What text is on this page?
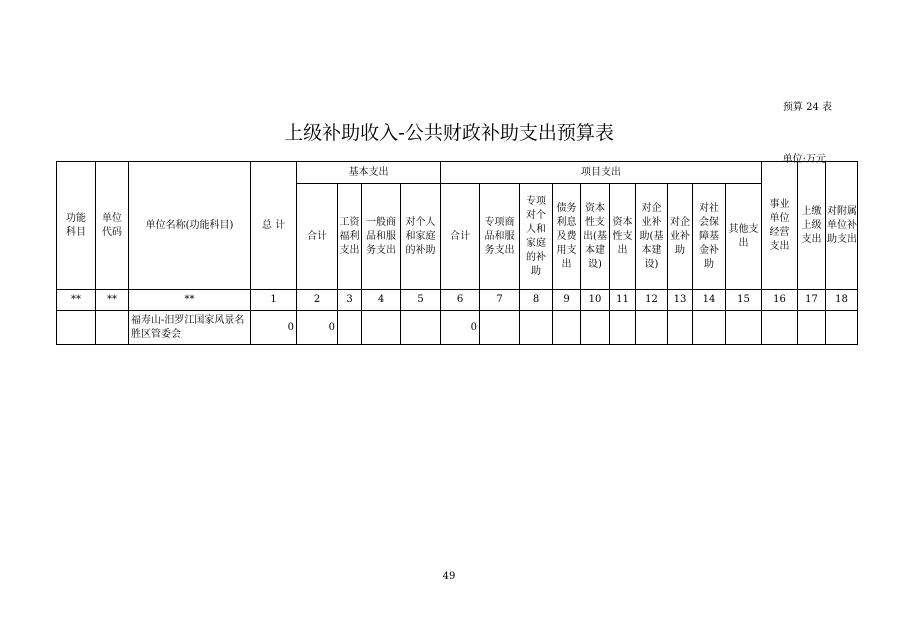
预算 24 表
上级补助收入-公共财政补助支出预算表
单位:万元
功能科目	单位代码	单位名称(功能科目)	总 计	基本支出				项目支出										事业单位经营支出	上缴上级支出	对附属单位补助支出
				合计	工资福利支出	一般商品和服务支出	对个人和家庭的补助	合计	专项商品和服务支出	专项对个人和家庭的补助	债务利息及费用支出	资本性支出(基本建设)	资本性支出	对企业补助(基本建设)	对企业补助	对社会保障基金补助	其他支出			
**	**	**	1	2	3	4	5	6	7	8	9	10	11	12	13	14	15	16	17	18
		福寿山-汨罗江国家风景名胜区管委会	0	0				0												
49
